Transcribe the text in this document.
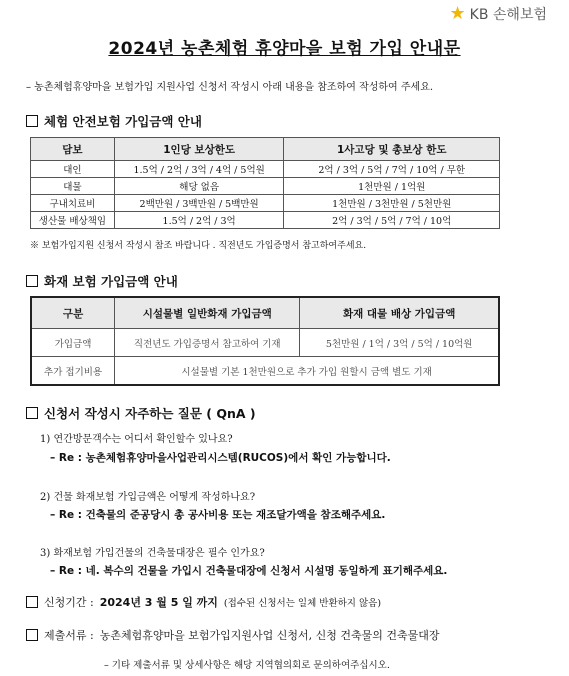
★ KB 손해보험
2024년 농촌체험 휴양마을 보험 가입 안내문
– 농촌체험휴양마을 보험가입 지원사업 신청서 작성시 아래 내용을 참조하여 작성하여 주세요.
체험 안전보험 가입금액 안내
담보	1인당 보상한도	1사고당 및 총보상 한도
대인	1.5억 / 2억 / 3억 / 4억 / 5억원	2억 / 3억 / 5억 / 7억 / 10억 / 무한
대물	해당 없음	1천만원 / 1억원
구내치료비	2백만원 / 3백만원 / 5백만원	1천만원 / 3천만원 / 5천만원
생산물 배상책임	1.5억 / 2억 / 3억	2억 / 3억 / 5억 / 7억 / 10억
※ 보험가입지원 신청서 작성시 참조 바랍니다 . 직전년도 가입증명서 참고하여주세요.
화재 보험 가입금액 안내
구분	시설물별 일반화재 가입금액	화재 대물 배상 가입금액
가입금액	직전년도 가입증명서 참고하여 기재	5천만원 / 1억 / 3억 / 5억 / 10억원
추가 접기비용	시설물별 기본 1천만원으로 추가 가입 원할시 금액 별도 기재	
신청서 작성시 자주하는 질문 ( QnA )
1) 연간방문객수는 어디서 확인할수 있나요?
– Re : 농촌체험휴양마을사업관리시스템(RUCOS)에서 확인 가능합니다.
2) 건물 화재보험 가입금액은 어떻게 작성하나요?
– Re : 건축물의 준공당시 총 공사비용 또는 재조달가액을 참조해주세요.
3) 화재보험 가입건물의 건축물대장은 필수 인가요?
– Re : 네. 복수의 건물을 가입시 건축물대장에 신청서 시설명 동일하게 표기해주세요.
신청기간 : 2024년 3 월 5 일 까지 (접수된 신청서는 일체 반환하지 않음)
제출서류 : 농촌체험휴양마을 보험가입지원사업 신청서, 신청 건축물의 건축물대장
– 기타 제출서류 및 상세사항은 해당 지역협의회로 문의하여주십시오.
